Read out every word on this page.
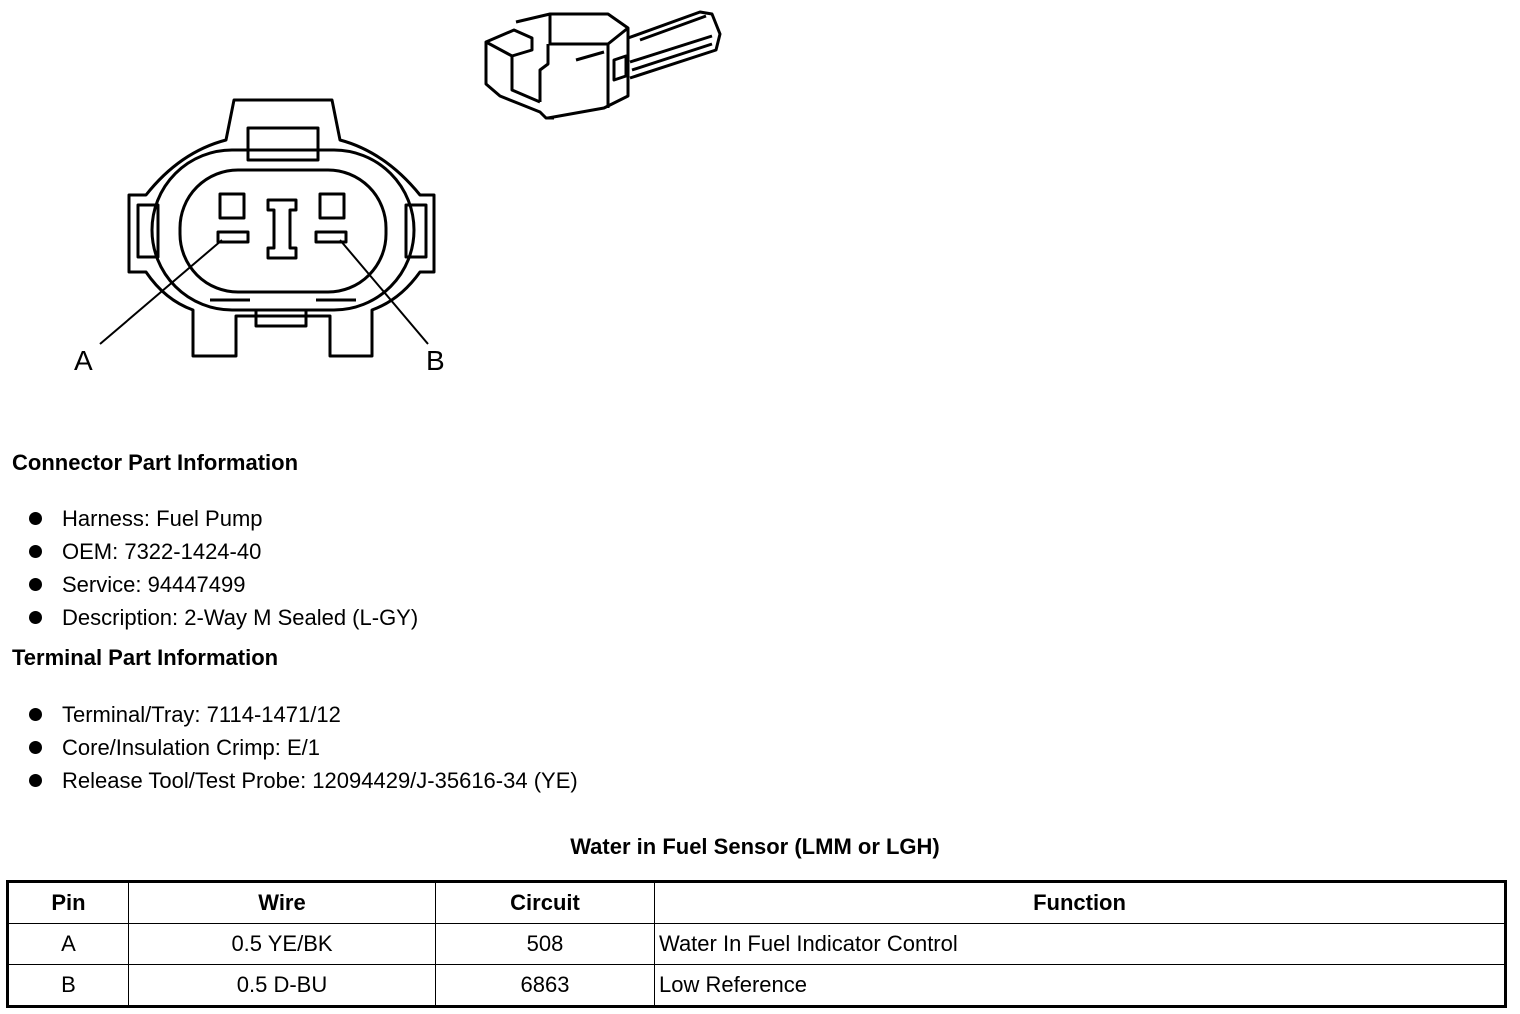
A	B
Connector Part Information
Harness: Fuel Pump
OEM: 7322-1424-40
Service: 94447499
Description: 2-Way M Sealed (L-GY)
Terminal Part Information
Terminal/Tray: 7114-1471/12
Core/Insulation Crimp: E/1
Release Tool/Test Probe: 12094429/J-35616-34 (YE)
Water in Fuel Sensor (LMM or LGH)
Pin	Wire	Circuit	Function
A	0.5 YE/BK	508	Water In Fuel Indicator Control
B	0.5 D-BU	6863	Low Reference
